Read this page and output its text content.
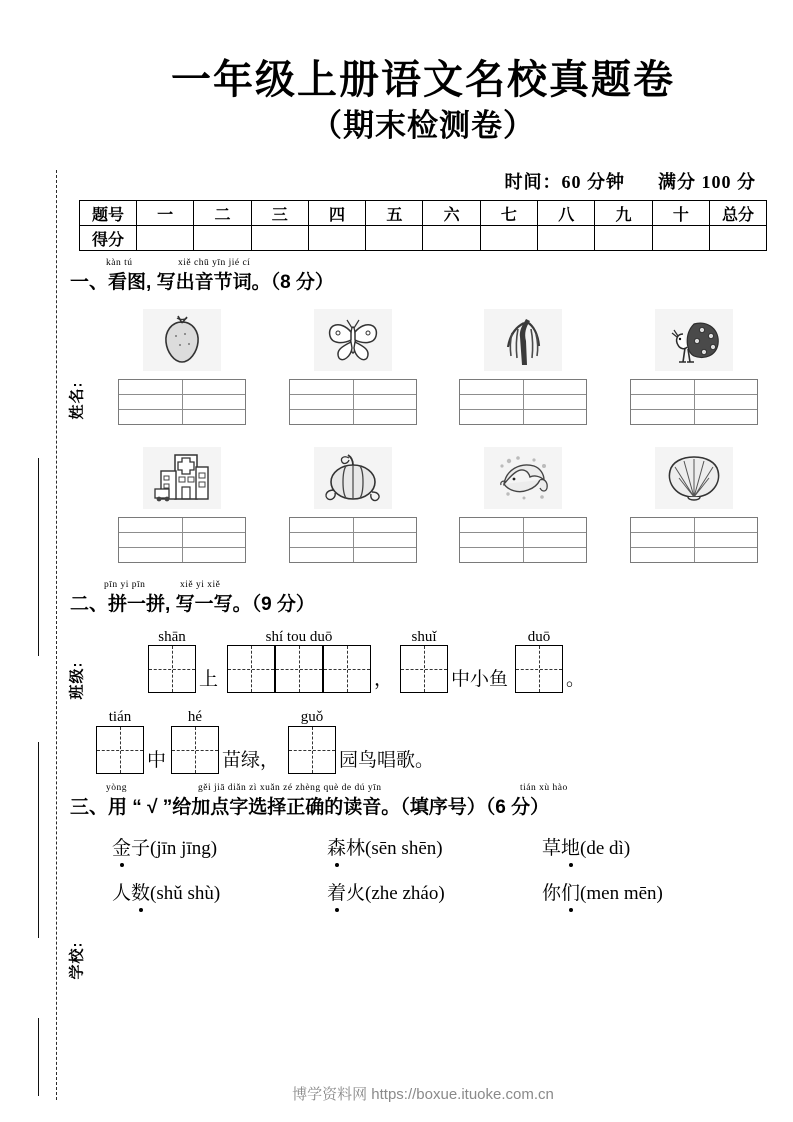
姓名:
班级:
学校:
一年级上册语文名校真题卷
（期末检测卷）
时间：60 分钟 满分 100 分
题号	一	二	三	四	五	六	七	八	九	十	总分
得分											
kàn tú	xiě chū yīn jié cí
一、看图, 写出音节词。（8 分）
pīn yi pīn	xiě yi xiě
二、拼一拼, 写一写。（9 分）
shān
上
shí tou duō
，
shuǐ
中小鱼
duō
。
tián
中
hé
苗绿，
guǒ
园鸟唱歌。
yòng	gěi jiā diǎn zì xuǎn zé zhèng què de dú yīn	tián xù hào
三、用 “ √ ”给加点字选择正确的读音。（填序号）（6 分）
金子(jīn jīng)	森林(sēn shēn)	草地(de dì)
人数(shǔ shù)	着火(zhe zháo)	你们(men mēn)
博学资料网 https://boxue.ituoke.com.cn
